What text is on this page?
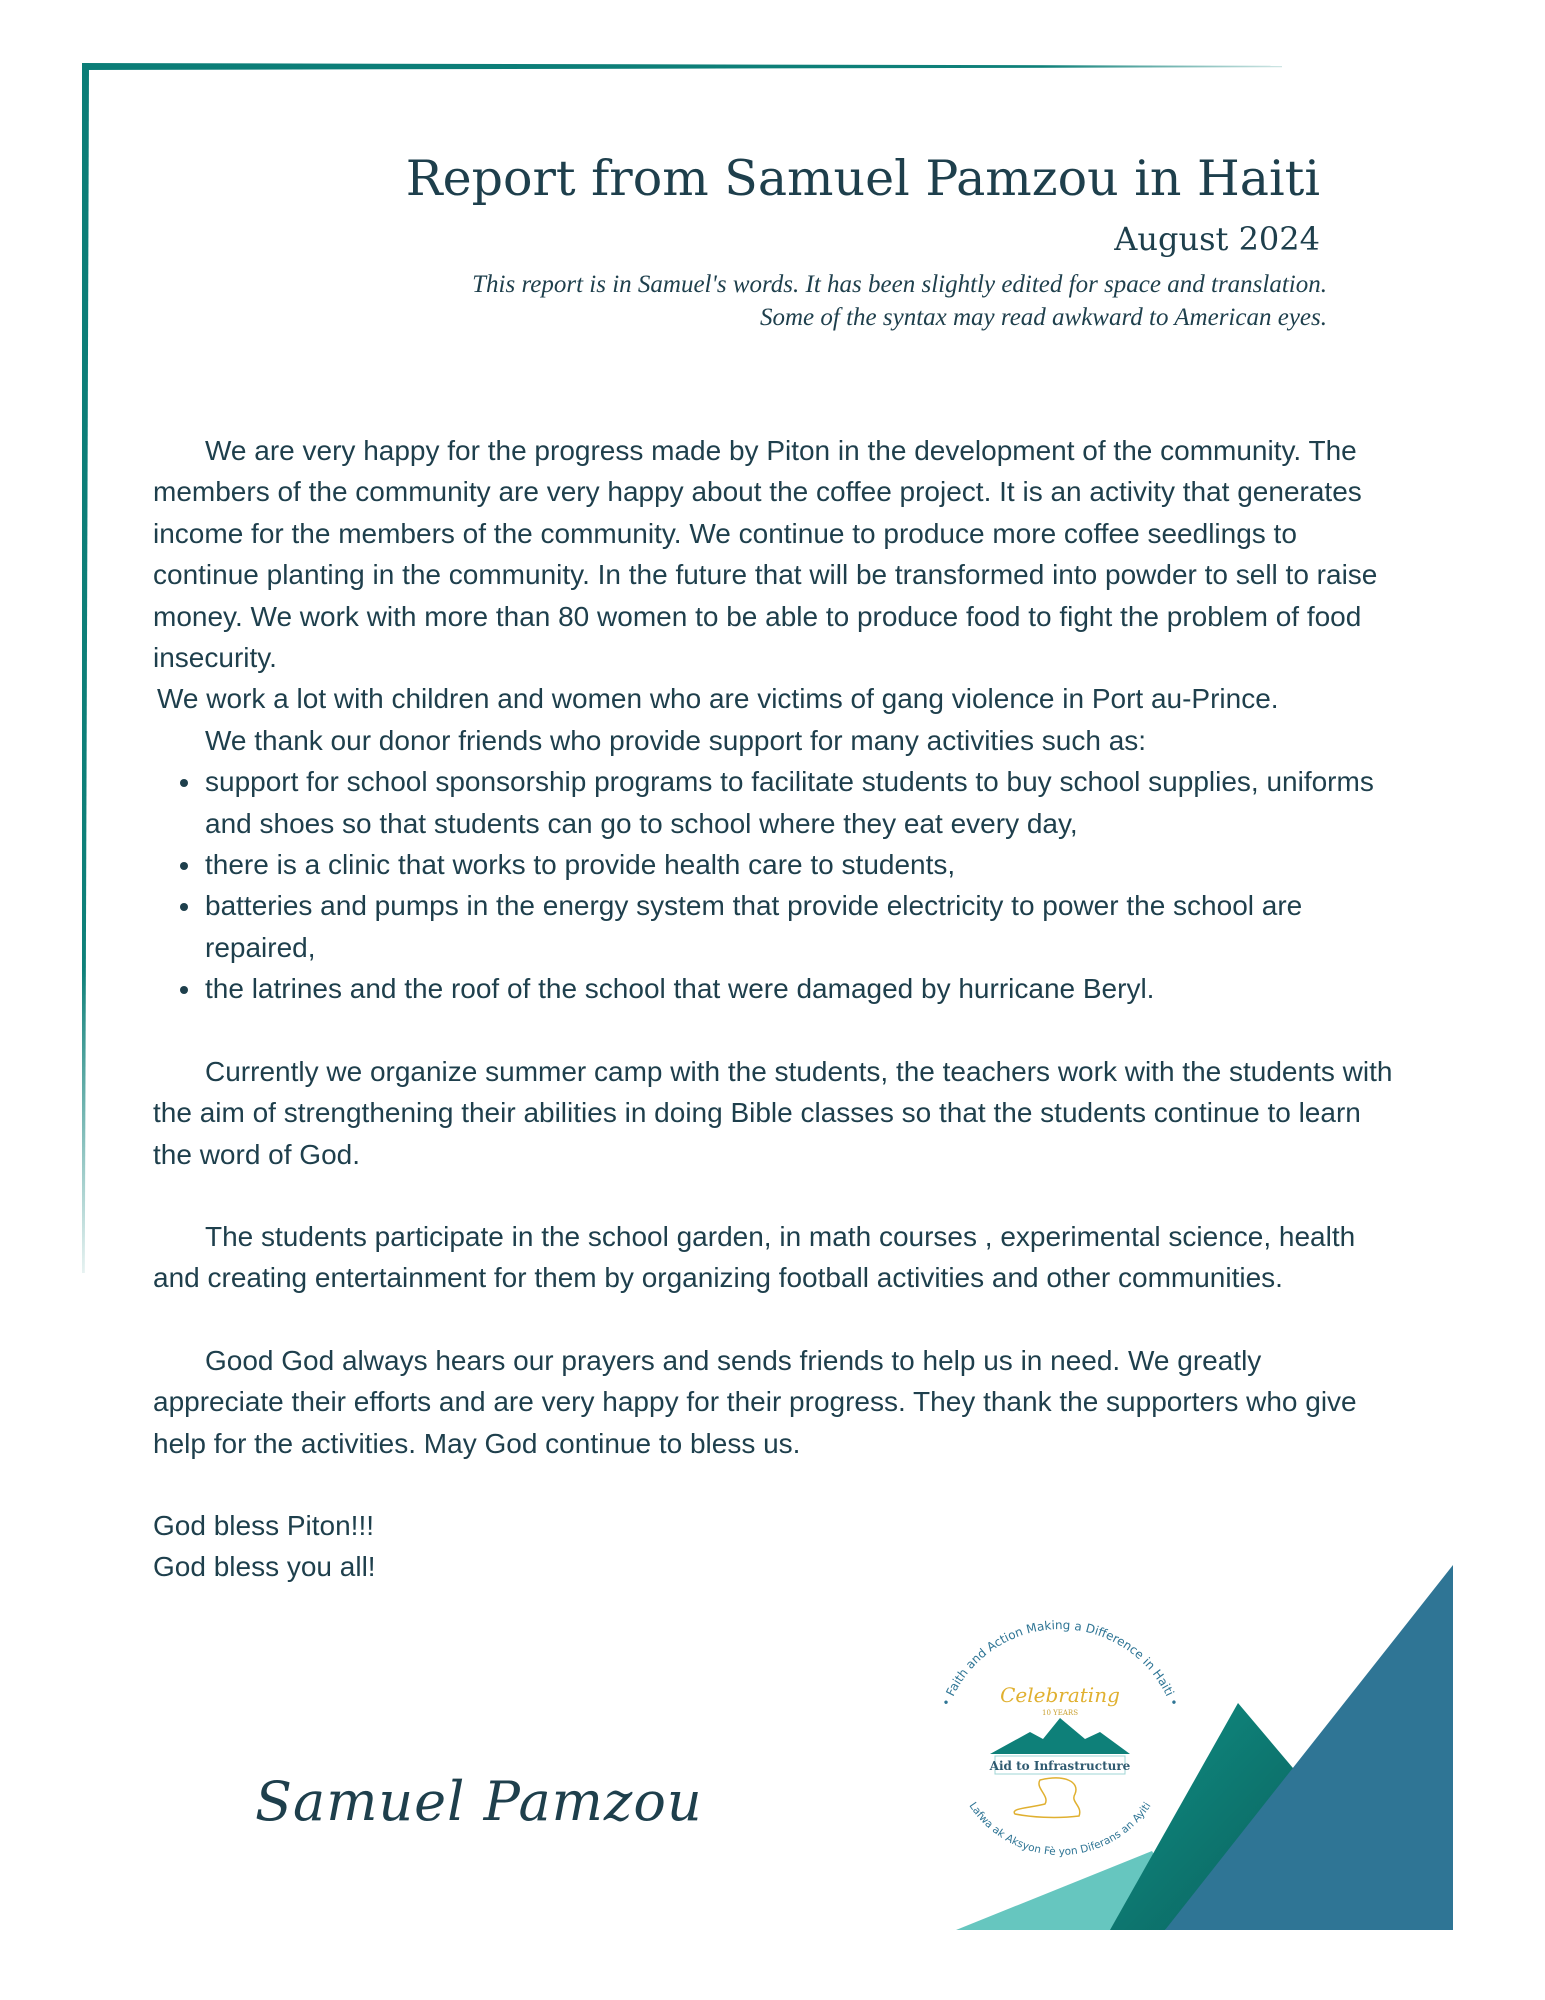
Report from Samuel Pamzou in Haiti
August 2024
This report is in Samuel's words. It has been slightly edited for space and translation. Some of the syntax may read awkward to American eyes.

We are very happy for the progress made by Piton in the development of the community. The members of the community are very happy about the coffee project. It is an activity that generates income for the members of the community. We continue to produce more coffee seedlings to continue planting in the community. In the future that will be transformed into powder to sell to raise money. We work with more than 80 women to be able to produce food to fight the problem of food insecurity.

We work a lot with children and women who are victims of gang violence in Port au-Prince.

We thank our donor friends who provide support for many activities such as:

• support for school sponsorship programs to facilitate students to buy school supplies, uniforms and shoes so that students can go to school where they eat every day,
• there is a clinic that works to provide health care to students,
• batteries and pumps in the energy system that provide electricity to power the school are repaired,
• the latrines and the roof of the school that were damaged by hurricane Beryl.

Currently we organize summer camp with the students, the teachers work with the students with the aim of strengthening their abilities in doing Bible classes so that the students continue to learn the word of God.

The students participate in the school garden, in math courses , experimental science, health and creating entertainment for them by organizing football activities and other communities.

Good God always hears our prayers and sends friends to help us in need. We greatly appreciate their efforts and are very happy for their progress. They thank the supporters who give help for the activities. May God continue to bless us.

God bless Piton!!!

God bless you all!

Samuel Pamzou
• Faith and Action Making a Difference in Haiti •
Lafwa ak Aksyon Fè yon Diferans an Ayiti
Celebrating
10 YEARS
Aid to Infrastructure
